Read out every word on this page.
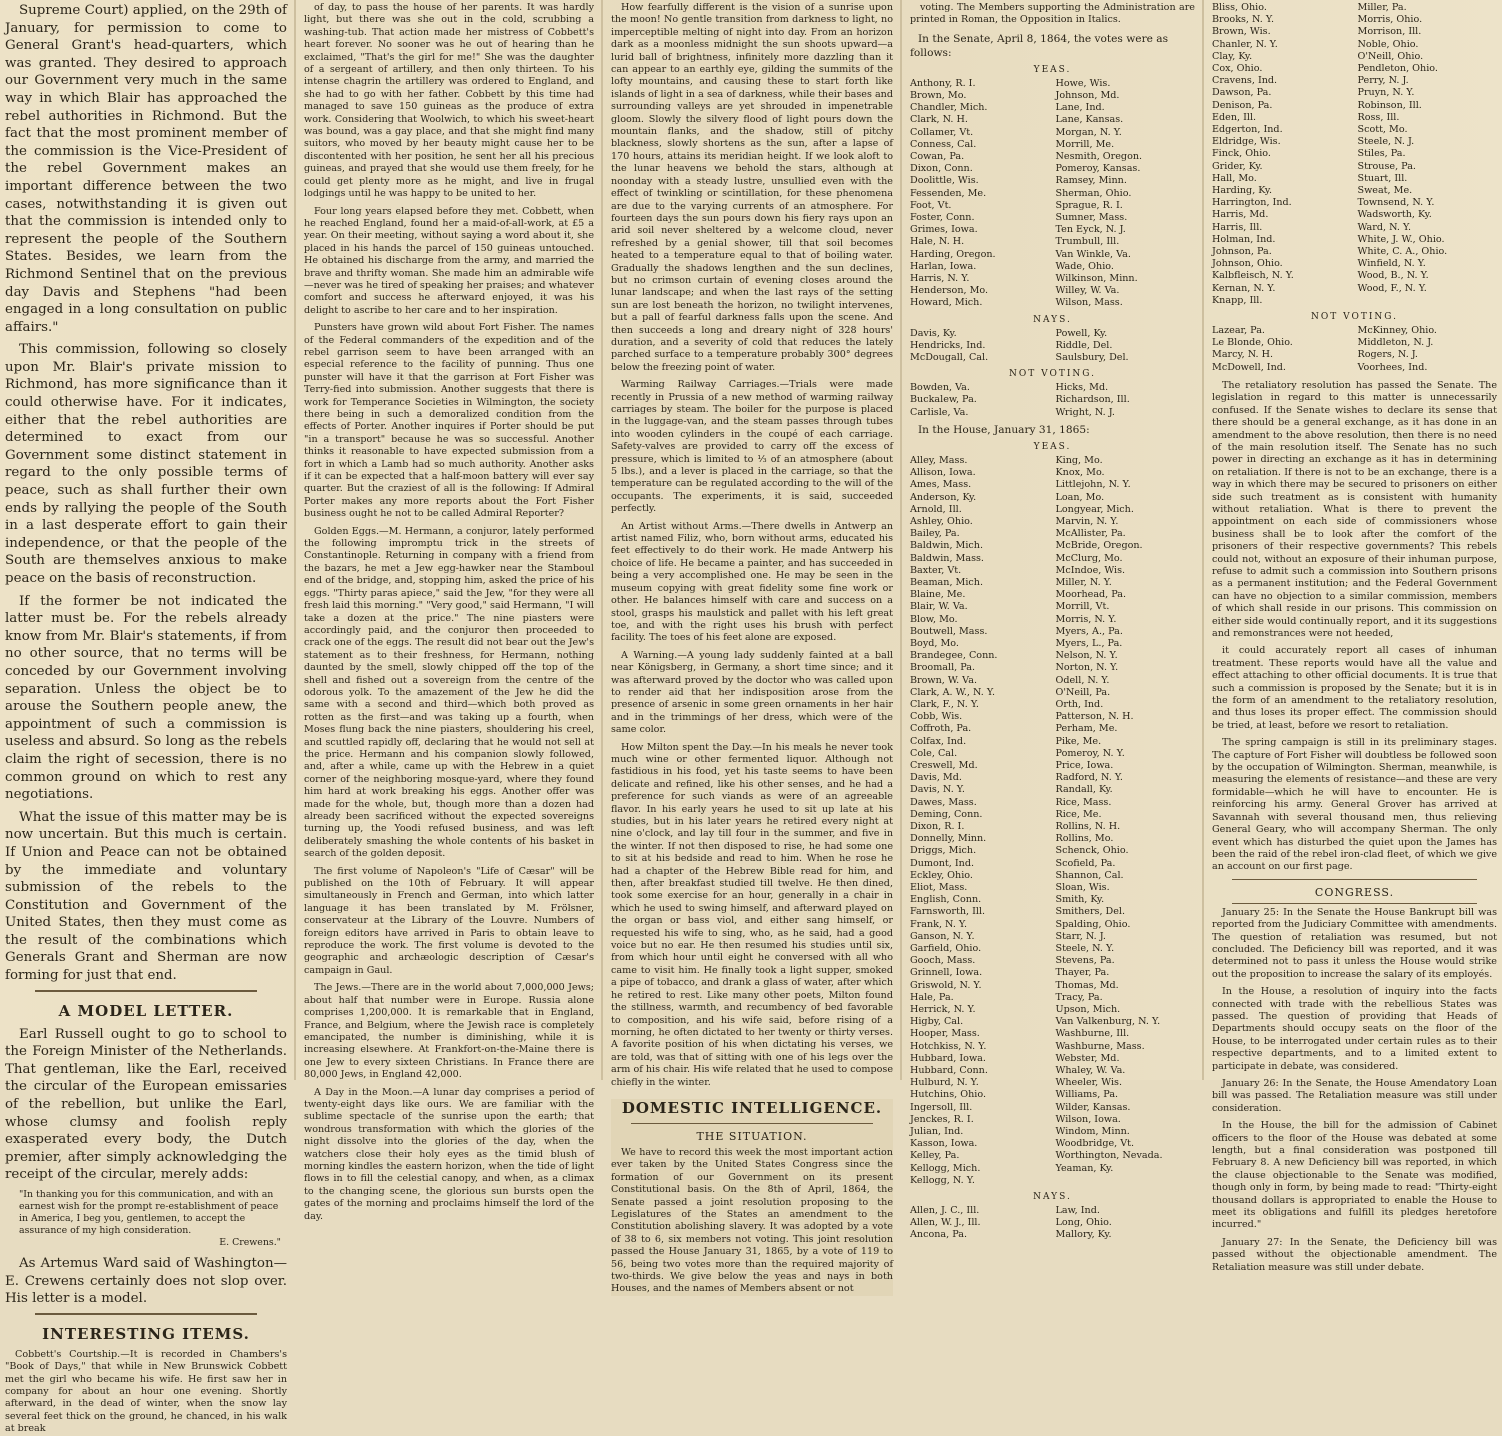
Supreme Court) applied, on the 29th of January, for permission to come to General Grant's head-quarters, which was granted. They desired to approach our Government very much in the same way in which Blair has approached the rebel authorities in Richmond. But the fact that the most prominent member of the commission is the Vice-President of the rebel Government makes an important difference between the two cases, notwithstanding it is given out that the commission is intended only to represent the people of the Southern States. Besides, we learn from the Richmond Sentinel that on the previous day Davis and Stephens "had been engaged in a long consultation on public affairs."

This commission, following so closely upon Mr. Blair's private mission to Richmond, has more significance than it could otherwise have. For it indicates, either that the rebel authorities are determined to exact from our Government some distinct statement in regard to the only possible terms of peace, such as shall further their own ends by rallying the people of the South in a last desperate effort to gain their independence, or that the people of the South are themselves anxious to make peace on the basis of reconstruction.

If the former be not indicated the latter must be. For the rebels already know from Mr. Blair's statements, if from no other source, that no terms will be conceded by our Government involving separation. Unless the object be to arouse the Southern people anew, the appointment of such a commission is useless and absurd. So long as the rebels claim the right of secession, there is no common ground on which to rest any negotiations.

What the issue of this matter may be is now uncertain. But this much is certain. If Union and Peace can not be obtained by the immediate and voluntary submission of the rebels to the Constitution and Government of the United States, then they must come as the result of the combinations which Generals Grant and Sherman are now forming for just that end.

A MODEL LETTER.

Earl Russell ought to go to school to the Foreign Minister of the Netherlands. That gentleman, like the Earl, received the circular of the European emissaries of the rebellion, but unlike the Earl, whose clumsy and foolish reply exasperated every body, the Dutch premier, after simply acknowledging the receipt of the circular, merely adds:

"In thanking you for this communication, and with an earnest wish for the prompt re-establishment of peace in America, I beg you, gentlemen, to accept the assurance of my high consideration.
E. Crewens."

As Artemus Ward said of Washington—E. Crewens certainly does not slop over. His letter is a model.

INTERESTING ITEMS.

Cobbett's Courtship.—It is recorded in Chambers's "Book of Days," that while in New Brunswick Cobbett met the girl who became his wife. He first saw her in company for about an hour one evening. Shortly afterward, in the dead of winter, when the snow lay several feet thick on the ground, he chanced, in his walk at break

of day, to pass the house of her parents. It was hardly light, but there was she out in the cold, scrubbing a washing-tub. That action made her mistress of Cobbett's heart forever. No sooner was he out of hearing than he exclaimed, "That's the girl for me!" She was the daughter of a sergeant of artillery, and then only thirteen. To his intense chagrin the artillery was ordered to England, and she had to go with her father. Cobbett by this time had managed to save 150 guineas as the produce of extra work. Considering that Woolwich, to which his sweet-heart was bound, was a gay place, and that she might find many suitors, who moved by her beauty might cause her to be discontented with her position, he sent her all his precious guineas, and prayed that she would use them freely, for he could get plenty more as he might, and live in frugal lodgings until he was happy to be united to her.

Four long years elapsed before they met. Cobbett, when he reached England, found her a maid-of-all-work, at £5 a year. On their meeting, without saying a word about it, she placed in his hands the parcel of 150 guineas untouched. He obtained his discharge from the army, and married the brave and thrifty woman. She made him an admirable wife—never was he tired of speaking her praises; and whatever comfort and success he afterward enjoyed, it was his delight to ascribe to her care and to her inspiration.

Punsters have grown wild about Fort Fisher. The names of the Federal commanders of the expedition and of the rebel garrison seem to have been arranged with an especial reference to the facility of punning. Thus one punster will have it that the garrison at Fort Fisher was Terry-fied into submission. Another suggests that there is work for Temperance Societies in Wilmington, the society there being in such a demoralized condition from the effects of Porter. Another inquires if Porter should be put "in a transport" because he was so successful. Another thinks it reasonable to have expected submission from a fort in which a Lamb had so much authority. Another asks if it can be expected that a half-moon battery will ever say quarter. But the craziest of all is the following: If Admiral Porter makes any more reports about the Fort Fisher business ought he not to be called Admiral Reporter?

Golden Eggs.—M. Hermann, a conjuror, lately performed the following impromptu trick in the streets of Constantinople. Returning in company with a friend from the bazars, he met a Jew egg-hawker near the Stamboul end of the bridge, and, stopping him, asked the price of his eggs. "Thirty paras apiece," said the Jew, "for they were all fresh laid this morning." "Very good," said Hermann, "I will take a dozen at the price." The nine piasters were accordingly paid, and the conjuror then proceeded to crack one of the eggs. The result did not bear out the Jew's statement as to their freshness, for Hermann, nothing daunted by the smell, slowly chipped off the top of the shell and fished out a sovereign from the centre of the odorous yolk. To the amazement of the Jew he did the same with a second and third—which both proved as rotten as the first—and was taking up a fourth, when Moses flung back the nine piasters, shouldering his creel, and scuttled rapidly off, declaring that he would not sell at the price. Hermann and his companion slowly followed, and, after a while, came up with the Hebrew in a quiet corner of the neighboring mosque-yard, where they found him hard at work breaking his eggs. Another offer was made for the whole, but, though more than a dozen had already been sacrificed without the expected sovereigns turning up, the Yoodi refused business, and was left deliberately smashing the whole contents of his basket in search of the golden deposit.

The first volume of Napoleon's "Life of Cæsar" will be published on the 10th of February. It will appear simultaneously in French and German, into which latter language it has been translated by M. Frölsner, conservateur at the Library of the Louvre. Numbers of foreign editors have arrived in Paris to obtain leave to reproduce the work. The first volume is devoted to the geographic and archæologic description of Cæsar's campaign in Gaul.

The Jews.—There are in the world about 7,000,000 Jews; about half that number were in Europe. Russia alone comprises 1,200,000. It is remarkable that in England, France, and Belgium, where the Jewish race is completely emancipated, the number is diminishing, while it is increasing elsewhere. At Frankfort-on-the-Maine there is one Jew to every sixteen Christians. In France there are 80,000 Jews, in England 42,000.

A Day in the Moon.—A lunar day comprises a period of twenty-eight days like ours. We are familiar with the sublime spectacle of the sunrise upon the earth; that wondrous transformation with which the glories of the night dissolve into the glories of the day, when the watchers close their holy eyes as the timid blush of morning kindles the eastern horizon, when the tide of light flows in to fill the celestial canopy, and when, as a climax to the changing scene, the glorious sun bursts open the gates of the morning and proclaims himself the lord of the day.

How fearfully different is the vision of a sunrise upon the moon! No gentle transition from darkness to light, no imperceptible melting of night into day. From an horizon dark as a moonless midnight the sun shoots upward—a lurid ball of brightness, infinitely more dazzling than it can appear to an earthly eye, gilding the summits of the lofty mountains, and causing these to start forth like islands of light in a sea of darkness, while their bases and surrounding valleys are yet shrouded in impenetrable gloom. Slowly the silvery flood of light pours down the mountain flanks, and the shadow, still of pitchy blackness, slowly shortens as the sun, after a lapse of 170 hours, attains its meridian height. If we look aloft to the lunar heavens we behold the stars, although at noonday with a steady lustre, unsullied even with the effect of twinkling or scintillation, for these phenomena are due to the varying currents of an atmosphere. For fourteen days the sun pours down his fiery rays upon an arid soil never sheltered by a welcome cloud, never refreshed by a genial shower, till that soil becomes heated to a temperature equal to that of boiling water. Gradually the shadows lengthen and the sun declines, but no crimson curtain of evening closes around the lunar landscape; and when the last rays of the setting sun are lost beneath the horizon, no twilight intervenes, but a pall of fearful darkness falls upon the scene. And then succeeds a long and dreary night of 328 hours' duration, and a severity of cold that reduces the lately parched surface to a temperature probably 300° degrees below the freezing point of water.

Warming Railway Carriages.—Trials were made recently in Prussia of a new method of warming railway carriages by steam. The boiler for the purpose is placed in the luggage-van, and the steam passes through tubes into wooden cylinders in the coupé of each carriage. Safety-valves are provided to carry off the excess of pressure, which is limited to ⅓ of an atmosphere (about 5 lbs.), and a lever is placed in the carriage, so that the temperature can be regulated according to the will of the occupants. The experiments, it is said, succeeded perfectly.

An Artist without Arms.—There dwells in Antwerp an artist named Filiz, who, born without arms, educated his feet effectively to do their work. He made Antwerp his choice of life. He became a painter, and has succeeded in being a very accomplished one. He may be seen in the museum copying with great fidelity some fine work or other. He balances himself with care and success on a stool, grasps his maulstick and pallet with his left great toe, and with the right uses his brush with perfect facility. The toes of his feet alone are exposed.

A Warning.—A young lady suddenly fainted at a ball near Königsberg, in Germany, a short time since; and it was afterward proved by the doctor who was called upon to render aid that her indisposition arose from the presence of arsenic in some green ornaments in her hair and in the trimmings of her dress, which were of the same color.

How Milton spent the Day.—In his meals he never took much wine or other fermented liquor. Although not fastidious in his food, yet his taste seems to have been delicate and refined, like his other senses, and he had a preference for such viands as were of an agreeable flavor. In his early years he used to sit up late at his studies, but in his later years he retired every night at nine o'clock, and lay till four in the summer, and five in the winter. If not then disposed to rise, he had some one to sit at his bedside and read to him. When he rose he had a chapter of the Hebrew Bible read for him, and then, after breakfast studied till twelve. He then dined, took some exercise for an hour, generally in a chair in which he used to swing himself, and afterward played on the organ or bass viol, and either sang himself, or requested his wife to sing, who, as he said, had a good voice but no ear. He then resumed his studies until six, from which hour until eight he conversed with all who came to visit him. He finally took a light supper, smoked a pipe of tobacco, and drank a glass of water, after which he retired to rest. Like many other poets, Milton found the stillness, warmth, and recumbency of bed favorable to composition, and his wife said, before rising of a morning, he often dictated to her twenty or thirty verses. A favorite position of his when dictating his verses, we are told, was that of sitting with one of his legs over the arm of his chair. His wife related that he used to compose chiefly in the winter.

DOMESTIC INTELLIGENCE.
THE SITUATION.

We have to record this week the most important action ever taken by the United States Congress since the formation of our Government on its present Constitutional basis. On the 8th of April, 1864, the Senate passed a joint resolution proposing to the Legislatures of the States an amendment to the Constitution abolishing slavery. It was adopted by a vote of 38 to 6, six members not voting. This joint resolution passed the House January 31, 1865, by a vote of 119 to 56, being two votes more than the required majority of two-thirds. We give below the yeas and nays in both Houses, and the names of Members absent or not

voting. The Members supporting the Administration are printed in Roman, the Opposition in Italics.

In the Senate, April 8, 1864, the votes were as follows:
YEAS.
Anthony, R. I.
Brown, Mo.
Chandler, Mich.
Clark, N. H.
Collamer, Vt.
Conness, Cal.
Cowan, Pa.
Dixon, Conn.
Doolittle, Wis.
Fessenden, Me.
Foot, Vt.
Foster, Conn.
Grimes, Iowa.
Hale, N. H.
Harding, Oregon.
Harlan, Iowa.
Harris, N. Y.
Henderson, Mo.
Howard, Mich.
Howe, Wis.
Johnson, Md.
Lane, Ind.
Lane, Kansas.
Morgan, N. Y.
Morrill, Me.
Nesmith, Oregon.
Pomeroy, Kansas.
Ramsey, Minn.
Sherman, Ohio.
Sprague, R. I.
Sumner, Mass.
Ten Eyck, N. J.
Trumbull, Ill.
Van Winkle, Va.
Wade, Ohio.
Wilkinson, Minn.
Willey, W. Va.
Wilson, Mass.
NAYS.
Davis, Ky.
Hendricks, Ind.
McDougall, Cal.
Powell, Ky.
Riddle, Del.
Saulsbury, Del.
NOT VOTING.
Bowden, Va.
Buckalew, Pa.
Carlisle, Va.
Hicks, Md.
Richardson, Ill.
Wright, N. J.
In the House, January 31, 1865:
YEAS.
Alley, Mass.
Allison, Iowa.
Ames, Mass.
Anderson, Ky.
Arnold, Ill.
Ashley, Ohio.
Bailey, Pa.
Baldwin, Mich.
Baldwin, Mass.
Baxter, Vt.
Beaman, Mich.
Blaine, Me.
Blair, W. Va.
Blow, Mo.
Boutwell, Mass.
Boyd, Mo.
Brandegee, Conn.
Broomall, Pa.
Brown, W. Va.
Clark, A. W., N. Y.
Clark, F., N. Y.
Cobb, Wis.
Coffroth, Pa.
Colfax, Ind.
Cole, Cal.
Creswell, Md.
Davis, Md.
Davis, N. Y.
Dawes, Mass.
Deming, Conn.
Dixon, R. I.
Donnelly, Minn.
Driggs, Mich.
Dumont, Ind.
Eckley, Ohio.
Eliot, Mass.
English, Conn.
Farnsworth, Ill.
Frank, N. Y.
Ganson, N. Y.
Garfield, Ohio.
Gooch, Mass.
Grinnell, Iowa.
Griswold, N. Y.
Hale, Pa.
Herrick, N. Y.
Higby, Cal.
Hooper, Mass.
Hotchkiss, N. Y.
Hubbard, Iowa.
Hubbard, Conn.
Hulburd, N. Y.
Hutchins, Ohio.
Ingersoll, Ill.
Jenckes, R. I.
Julian, Ind.
Kasson, Iowa.
Kelley, Pa.
Kellogg, Mich.
Kellogg, N. Y.
King, Mo.
Knox, Mo.
Littlejohn, N. Y.
Loan, Mo.
Longyear, Mich.
Marvin, N. Y.
McAllister, Pa.
McBride, Oregon.
McClurg, Mo.
McIndoe, Wis.
Miller, N. Y.
Moorhead, Pa.
Morrill, Vt.
Morris, N. Y.
Myers, A., Pa.
Myers, L., Pa.
Nelson, N. Y.
Norton, N. Y.
Odell, N. Y.
O'Neill, Pa.
Orth, Ind.
Patterson, N. H.
Perham, Me.
Pike, Me.
Pomeroy, N. Y.
Price, Iowa.
Radford, N. Y.
Randall, Ky.
Rice, Mass.
Rice, Me.
Rollins, N. H.
Rollins, Mo.
Schenck, Ohio.
Scofield, Pa.
Shannon, Cal.
Sloan, Wis.
Smith, Ky.
Smithers, Del.
Spalding, Ohio.
Starr, N. J.
Steele, N. Y.
Stevens, Pa.
Thayer, Pa.
Thomas, Md.
Tracy, Pa.
Upson, Mich.
Van Valkenburg, N. Y.
Washburne, Ill.
Washburne, Mass.
Webster, Md.
Whaley, W. Va.
Wheeler, Wis.
Williams, Pa.
Wilder, Kansas.
Wilson, Iowa.
Windom, Minn.
Woodbridge, Vt.
Worthington, Nevada.
Yeaman, Ky.
NAYS.
Allen, J. C., Ill.
Allen, W. J., Ill.
Ancona, Pa.
Law, Ind.
Long, Ohio.
Mallory, Ky.
Bliss, Ohio.
Brooks, N. Y.
Brown, Wis.
Chanler, N. Y.
Clay, Ky.
Cox, Ohio.
Cravens, Ind.
Dawson, Pa.
Denison, Pa.
Eden, Ill.
Edgerton, Ind.
Eldridge, Wis.
Finck, Ohio.
Grider, Ky.
Hall, Mo.
Harding, Ky.
Harrington, Ind.
Harris, Md.
Harris, Ill.
Holman, Ind.
Johnson, Pa.
Johnson, Ohio.
Kalbfleisch, N. Y.
Kernan, N. Y.
Knapp, Ill.
Miller, Pa.
Morris, Ohio.
Morrison, Ill.
Noble, Ohio.
O'Neill, Ohio.
Pendleton, Ohio.
Perry, N. J.
Pruyn, N. Y.
Robinson, Ill.
Ross, Ill.
Scott, Mo.
Steele, N. J.
Stiles, Pa.
Strouse, Pa.
Stuart, Ill.
Sweat, Me.
Townsend, N. Y.
Wadsworth, Ky.
Ward, N. Y.
White, J. W., Ohio.
White, C. A., Ohio.
Winfield, N. Y.
Wood, B., N. Y.
Wood, F., N. Y.
NOT VOTING.
Lazear, Pa.
Le Blonde, Ohio.
Marcy, N. H.
McDowell, Ind.
McKinney, Ohio.
Middleton, N. J.
Rogers, N. J.
Voorhees, Ind.

The retaliatory resolution has passed the Senate. The legislation in regard to this matter is unnecessarily confused. If the Senate wishes to declare its sense that there should be a general exchange, as it has done in an amendment to the above resolution, then there is no need of the main resolution itself. The Senate has no such power in directing an exchange as it has in determining on retaliation. If there is not to be an exchange, there is a way in which there may be secured to prisoners on either side such treatment as is consistent with humanity without retaliation. What is there to prevent the appointment on each side of commissioners whose business shall be to look after the comfort of the prisoners of their respective governments? This rebels could not, without an exposure of their inhuman purpose, refuse to admit such a commission into Southern prisons as a permanent institution; and the Federal Government can have no objection to a similar commission, members of which shall reside in our prisons. This commission on either side would continually report, and it its suggestions and remonstrances were not heeded,

it could accurately report all cases of inhuman treatment. These reports would have all the value and effect attaching to other official documents. It is true that such a commission is proposed by the Senate; but it is in the form of an amendment to the retaliatory resolution, and thus loses its proper effect. The commission should be tried, at least, before we resort to retaliation.

The spring campaign is still in its preliminary stages. The capture of Fort Fisher will doubtless be followed soon by the occupation of Wilmington. Sherman, meanwhile, is measuring the elements of resistance—and these are very formidable—which he will have to encounter. He is reinforcing his army. General Grover has arrived at Savannah with several thousand men, thus relieving General Geary, who will accompany Sherman. The only event which has disturbed the quiet upon the James has been the raid of the rebel iron-clad fleet, of which we give an account on our first page.

CONGRESS.

January 25: In the Senate the House Bankrupt bill was reported from the Judiciary Committee with amendments. The question of retaliation was resumed, but not concluded. The Deficiency bill was reported, and it was determined not to pass it unless the House would strike out the proposition to increase the salary of its employés.

In the House, a resolution of inquiry into the facts connected with trade with the rebellious States was passed. The question of providing that Heads of Departments should occupy seats on the floor of the House, to be interrogated under certain rules as to their respective departments, and to a limited extent to participate in debate, was considered.

January 26: In the Senate, the House Amendatory Loan bill was passed. The Retaliation measure was still under consideration.

In the House, the bill for the admission of Cabinet officers to the floor of the House was debated at some length, but a final consideration was postponed till February 8. A new Deficiency bill was reported, in which the clause objectionable to the Senate was modified, though only in form, by being made to read: "Thirty-eight thousand dollars is appropriated to enable the House to meet its obligations and fulfill its pledges heretofore incurred."

January 27: In the Senate, the Deficiency bill was passed without the objectionable amendment. The Retaliation measure was still under debate.
